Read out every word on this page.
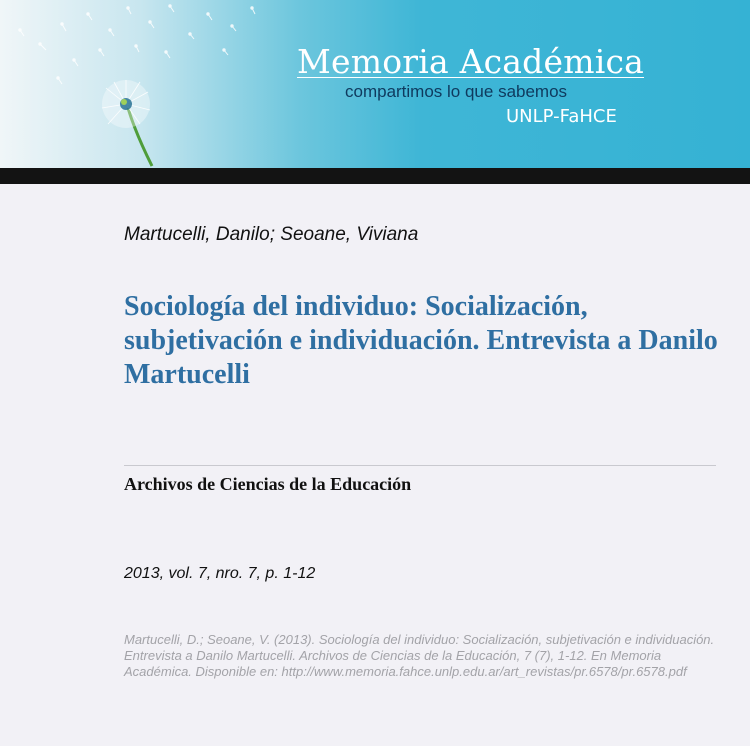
Memoria Académica
compartimos lo que sabemos
UNLP-FaHCE
Martucelli, Danilo; Seoane, Viviana
Sociología del individuo: Socialización, subjetivación e individuación. Entrevista a Danilo Martucelli
Archivos de Ciencias de la Educación
2013, vol. 7, nro. 7, p. 1-12
Martucelli, D.; Seoane, V. (2013). Sociología del individuo: Socialización, subjetivación e individuación. Entrevista a Danilo Martucelli. Archivos de Ciencias de la Educación, 7 (7), 1-12. En Memoria Académica. Disponible en: http://www.memoria.fahce.unlp.edu.ar/art_revistas/pr.6578/pr.6578.pdf
